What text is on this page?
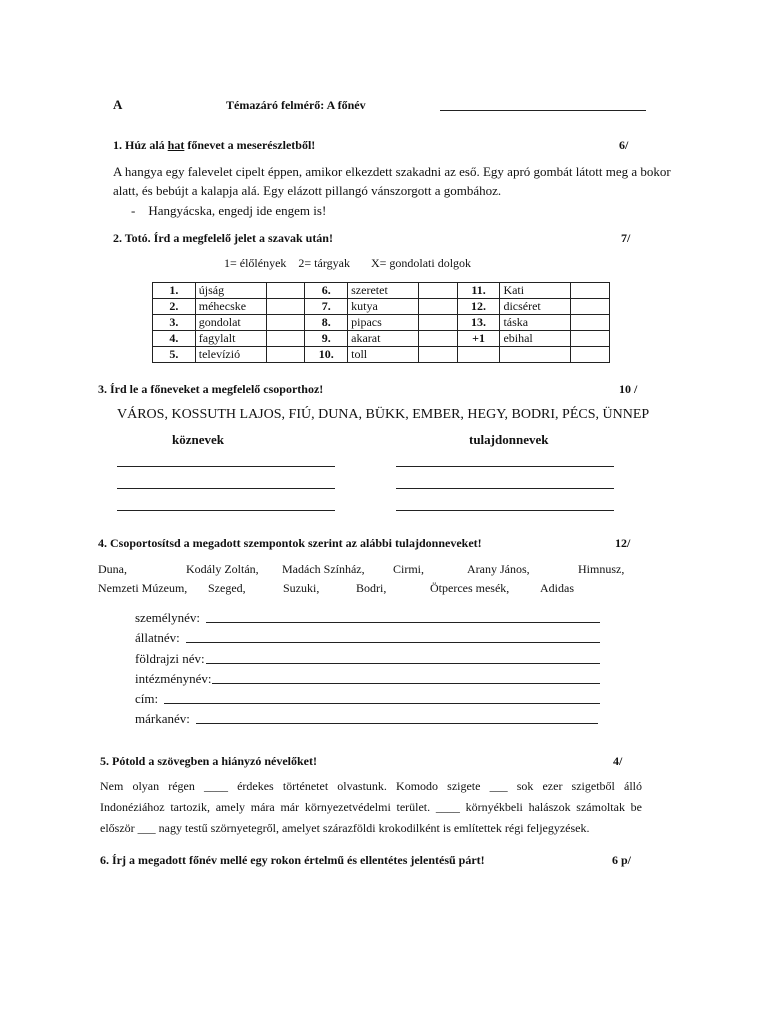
A	Témazáró felmérő: A főnév
1. Húz alá hat főnevet a meserészletből!	6/
A hangya egy falevelet cipelt éppen, amikor elkezdett szakadni az eső. Egy apró gombát látott meg a bokor
alatt, és bebújt a kalapja alá. Egy elázott pillangó vánszorgott a gombához.
-    Hangyácska, engedj ide engem is!
2. Totó. Írd a megfelelő jelet a szavak után!	7/
1= élőlények    2= tárgyak       X= gondolati dolgok
1.	újság		6.	szeretet		11.	Kati	
2.	méhecske		7.	kutya		12.	dicséret	
3.	gondolat		8.	pipacs		13.	táska	
4.	fagylalt		9.	akarat		+1	ebihal	
5.	televízió		10.	toll				
3. Írd le a főneveket a megfelelő csoporthoz!	10 /
VÁROS, KOSSUTH LAJOS, FIÚ, DUNA, BÜKK, EMBER, HEGY, BODRI, PÉCS, ÜNNEP
köznevek	tulajdonnevek
4. Csoportosítsd a megadott szempontok szerint az alábbi tulajdonneveket!	12/
Duna,	Kodály Zoltán, Madách Színház, Cirmi,	Arany János,	Himnusz,
Nemzeti Múzeum, Szeged,	Suzuki,	Bodri,	Ötperces mesék,	Adidas
személynév:
állatnév:
földrajzi név:
intézménynév:
cím:
márkanév:
5. Pótold a szövegben a hiányzó névelőket!	4/
Nem olyan régen ____ érdekes történetet olvastunk. Komodo szigete ___ sok ezer szigetből álló
Indonéziához tartozik, amely mára már környezetvédelmi terület. ____ környékbeli halászok számoltak be
először ___ nagy testű szörnyetegről, amelyet szárazföldi krokodilként is említettek régi feljegyzések.
6. Írj a megadott főnév mellé egy rokon értelmű és ellentétes jelentésű párt!	6 p/
